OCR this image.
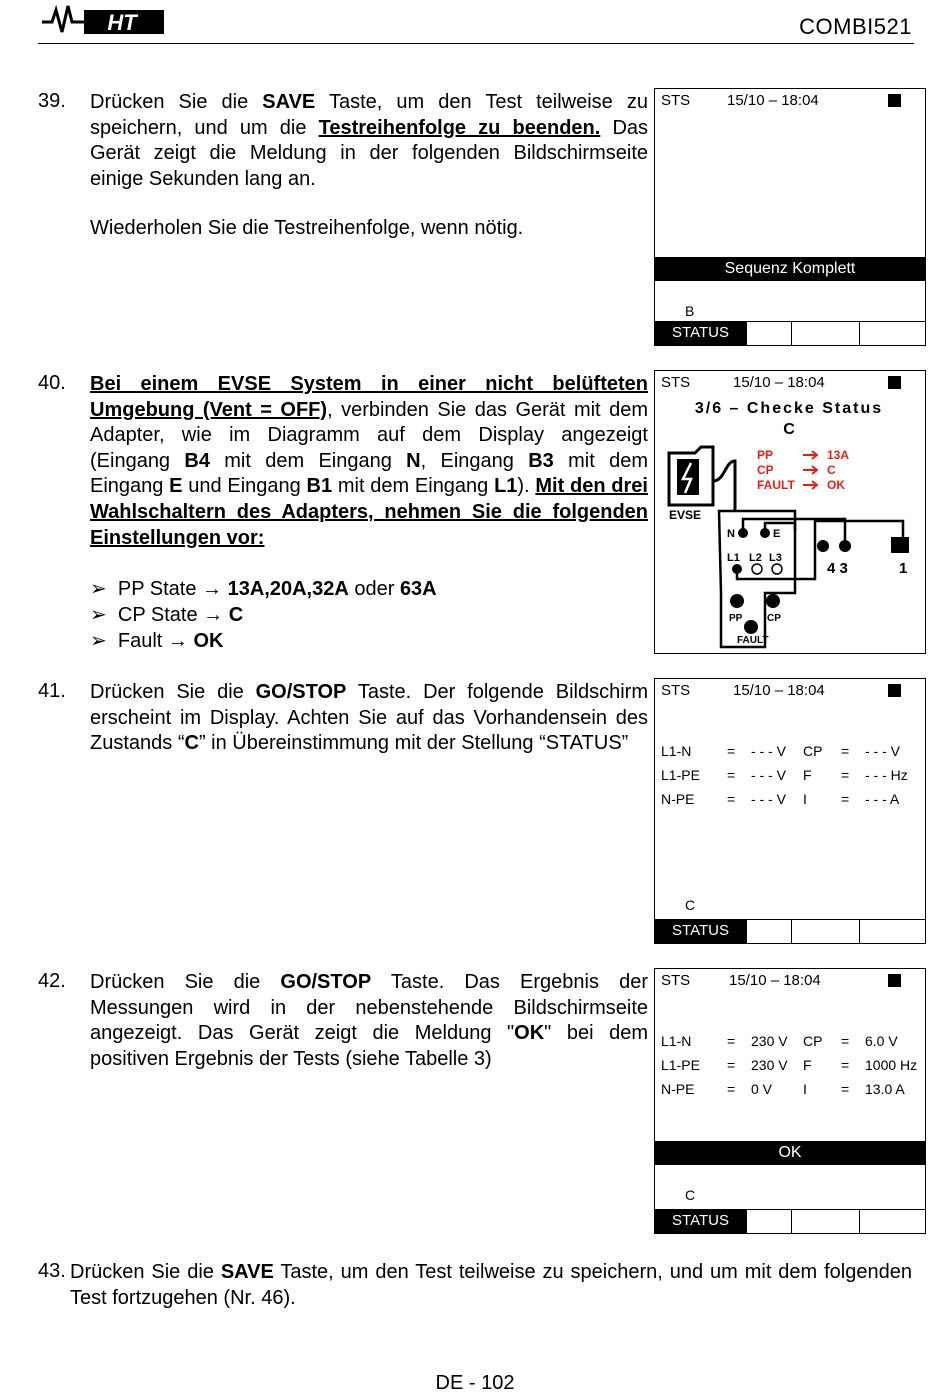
HT	COMBI521
39. Drücken Sie die SAVE Taste, um den Test teilweise zu speichern, und um die Testreihenfolge zu beenden. Das Gerät zeigt die Meldung in der folgenden Bildschirmseite einige Sekunden lang an.
Wiederholen Sie die Testreihenfolge, wenn nötig.
STS 15/10 – 18:04
Sequenz Komplett
B
STATUS
40. Bei einem EVSE System in einer nicht belüfteten Umgebung (Vent = OFF), verbinden Sie das Gerät mit dem Adapter, wie im Diagramm auf dem Display angezeigt (Eingang B4 mit dem Eingang N, Eingang B3 mit dem Eingang E und Eingang B1 mit dem Eingang L1). Mit den drei Wahlschaltern des Adapters, nehmen Sie die folgenden Einstellungen vor:
➢ PP State → 13A,20A,32A oder 63A
➢ CP State → C
➢ Fault → OK
STS	15/10 – 18:04
3/6 – Checke Status
C
EVSE
PP
CP
FAULT
13A
C
OK
N	E
L1 L2 L3
4 3	1
PP CP
FAULT
41. Drücken Sie die GO/STOP Taste. Der folgende Bildschirm erscheint im Display. Achten Sie auf das Vorhandensein des Zustands “C” in Übereinstimmung mit der Stellung “STATUS”
STS	15/10 – 18:04
L1-N	=	- - - V	CP	=	- - - V
L1-PE	=	- - - V	F	=	- - - Hz
N-PE	=	- - - V	I	=	- - - A
C
STATUS
42. Drücken Sie die GO/STOP Taste. Das Ergebnis der Messungen wird in der nebenstehende Bildschirmseite angezeigt. Das Gerät zeigt die Meldung "OK" bei dem positiven Ergebnis der Tests (siehe Tabelle 3)
STS	15/10 – 18:04
L1-N	=	230 V	CP	=	6.0 V
L1-PE	=	230 V	F	=	1000 Hz
N-PE	=	0 V	I	=	13.0 A
OK
C
STATUS
43. Drücken Sie die SAVE Taste, um den Test teilweise zu speichern, und um mit dem folgenden Test fortzugehen (Nr. 46).
DE - 102
